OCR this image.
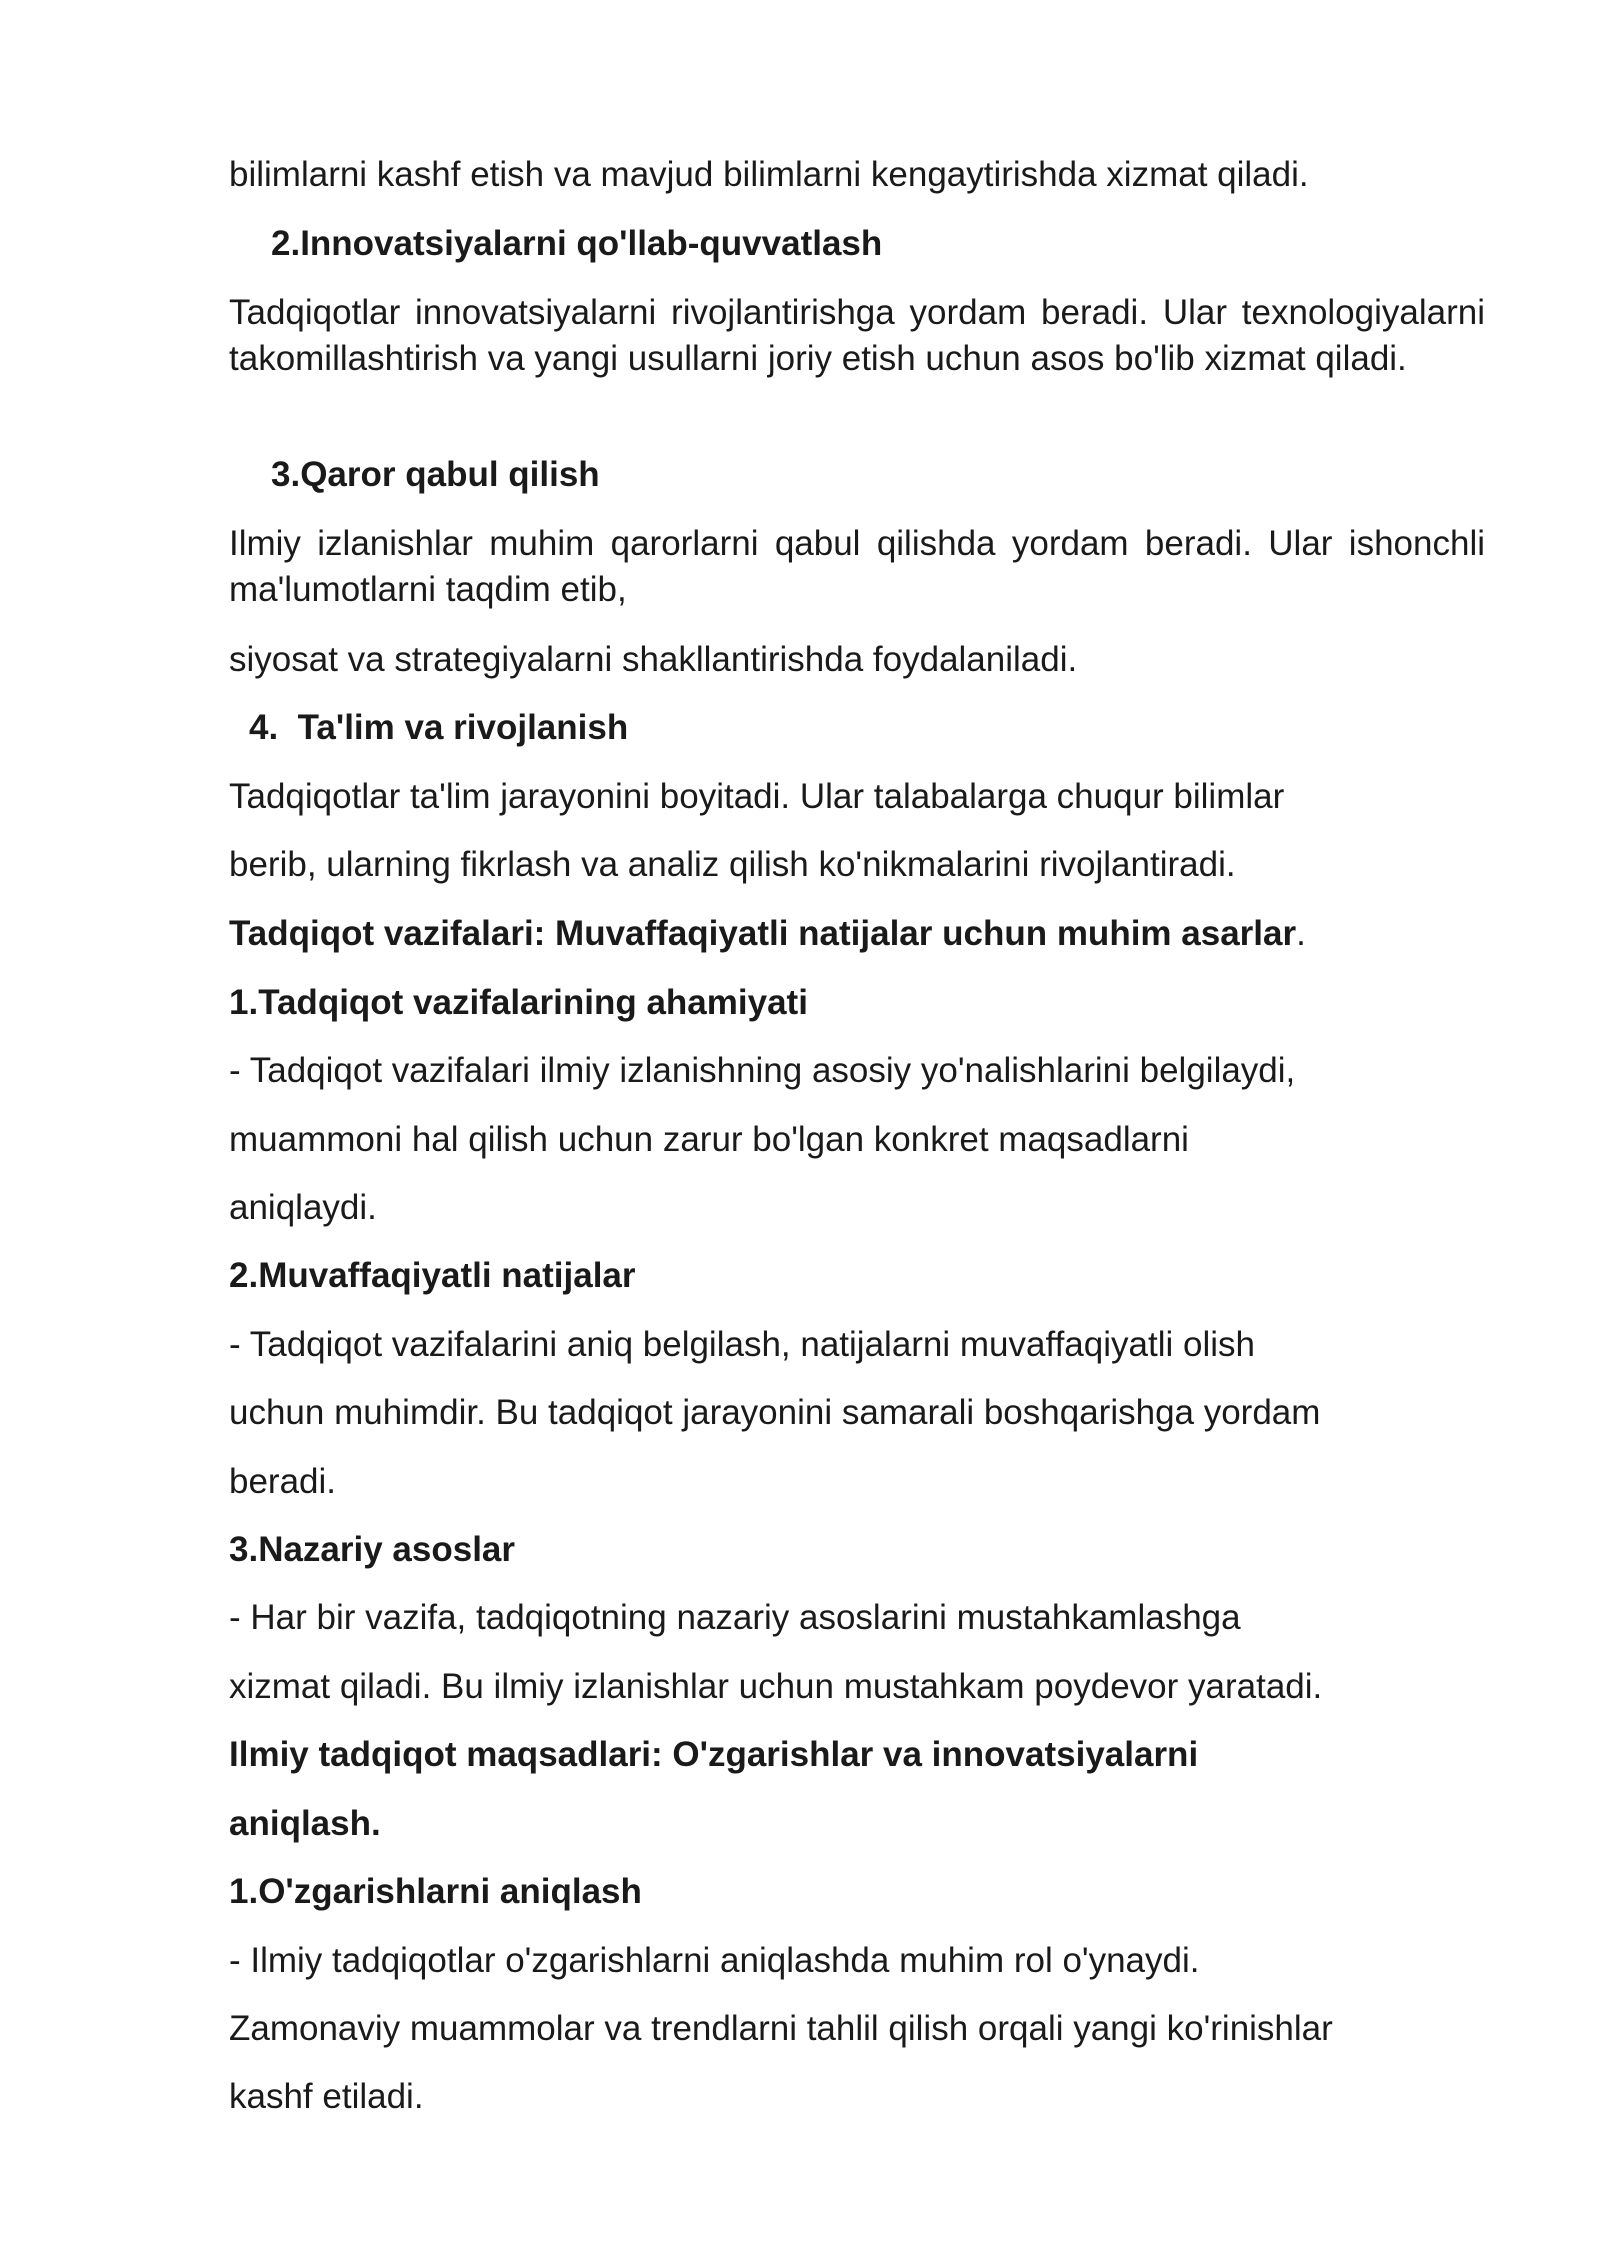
bilimlarni kashf etish va mavjud bilimlarni kengaytirishda xizmat qiladi.

2.Innovatsiyalarni qo'llab-quvvatlash

Tadqiqotlar innovatsiyalarni rivojlantirishga yordam beradi. Ular texnologiyalarni takomillashtirish va yangi usullarni joriy etish uchun asos bo'lib xizmat qiladi.

3.Qaror qabul qilish

Ilmiy izlanishlar muhim qarorlarni qabul qilishda yordam beradi. Ular ishonchli ma'lumotlarni taqdim etib,

siyosat va strategiyalarni shakllantirishda foydalaniladi.

4.  Ta'lim va rivojlanish

Tadqiqotlar ta'lim jarayonini boyitadi. Ular talabalarga chuqur bilimlar

berib, ularning fikrlash va analiz qilish ko'nikmalarini rivojlantiradi.

Tadqiqot vazifalari: Muvaffaqiyatli natijalar uchun muhim asarlar.

1.Tadqiqot vazifalarining ahamiyati

- Tadqiqot vazifalari ilmiy izlanishning asosiy yo'nalishlarini belgilaydi,

muammoni hal qilish uchun zarur bo'lgan konkret maqsadlarni

aniqlaydi.

2.Muvaffaqiyatli natijalar

- Tadqiqot vazifalarini aniq belgilash, natijalarni muvaffaqiyatli olish

uchun muhimdir. Bu tadqiqot jarayonini samarali boshqarishga yordam

beradi.

3.Nazariy asoslar

- Har bir vazifa, tadqiqotning nazariy asoslarini mustahkamlashga

xizmat qiladi. Bu ilmiy izlanishlar uchun mustahkam poydevor yaratadi.

Ilmiy tadqiqot maqsadlari: O'zgarishlar va innovatsiyalarni

aniqlash.

1.O'zgarishlarni aniqlash

- Ilmiy tadqiqotlar o'zgarishlarni aniqlashda muhim rol o'ynaydi.

Zamonaviy muammolar va trendlarni tahlil qilish orqali yangi ko'rinishlar

kashf etiladi.
